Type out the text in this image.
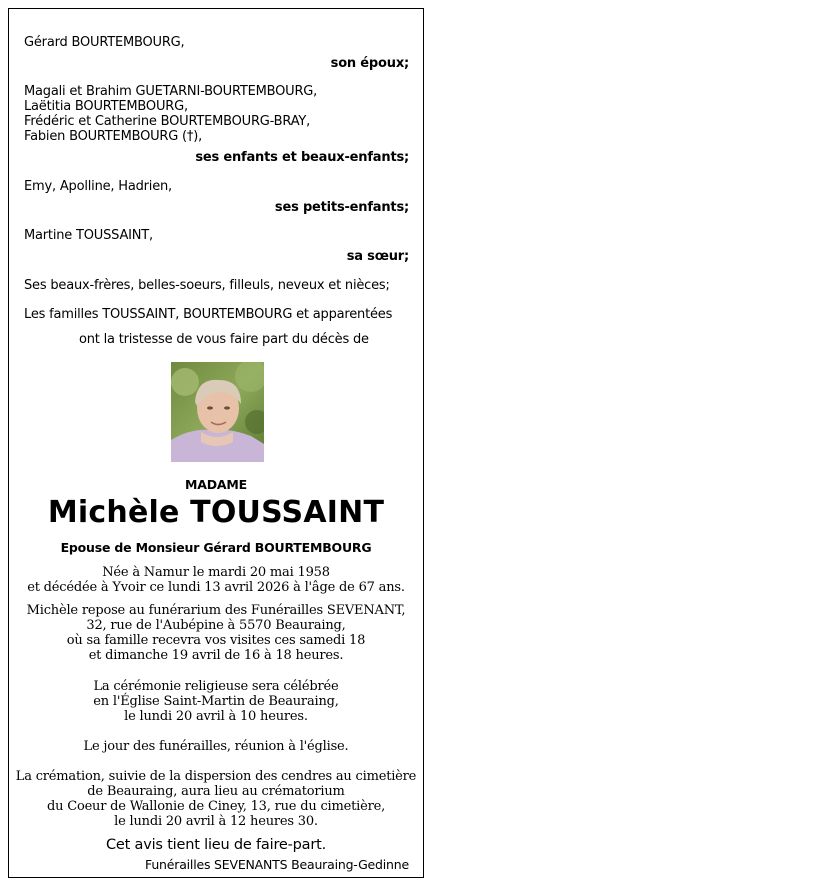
Gérard BOURTEMBOURG,
son époux;
Magali et Brahim GUETARNI-BOURTEMBOURG,
Laëtitia BOURTEMBOURG,
Frédéric et Catherine BOURTEMBOURG-BRAY,
Fabien BOURTEMBOURG (†),
ses enfants et beaux-enfants;
Emy, Apolline, Hadrien,
ses petits-enfants;
Martine TOUSSAINT,
sa sœur;
Ses beaux-frères, belles-soeurs, filleuls, neveux et nièces;
Les familles TOUSSAINT, BOURTEMBOURG et apparentées
ont la tristesse de vous faire part du décès de
MADAME
Michèle TOUSSAINT
Epouse de Monsieur Gérard BOURTEMBOURG
Née à Namur le mardi 20 mai 1958
et décédée à Yvoir ce lundi 13 avril 2026 à l'âge de 67 ans.
Michèle repose au funérarium des Funérailles SEVENANT,
32, rue de l'Aubépine à 5570 Beauraing,
où sa famille recevra vos visites ces samedi 18
et dimanche 19 avril de 16 à 18 heures.
La cérémonie religieuse sera célébrée
en l'Église Saint-Martin de Beauraing,
le lundi 20 avril à 10 heures.
Le jour des funérailles, réunion à l'église.
La crémation, suivie de la dispersion des cendres au cimetière
de Beauraing, aura lieu au crématorium
du Coeur de Wallonie de Ciney, 13, rue du cimetière,
le lundi 20 avril à 12 heures 30.
Cet avis tient lieu de faire-part.
Funérailles SEVENANTS Beauraing-Gedinne
